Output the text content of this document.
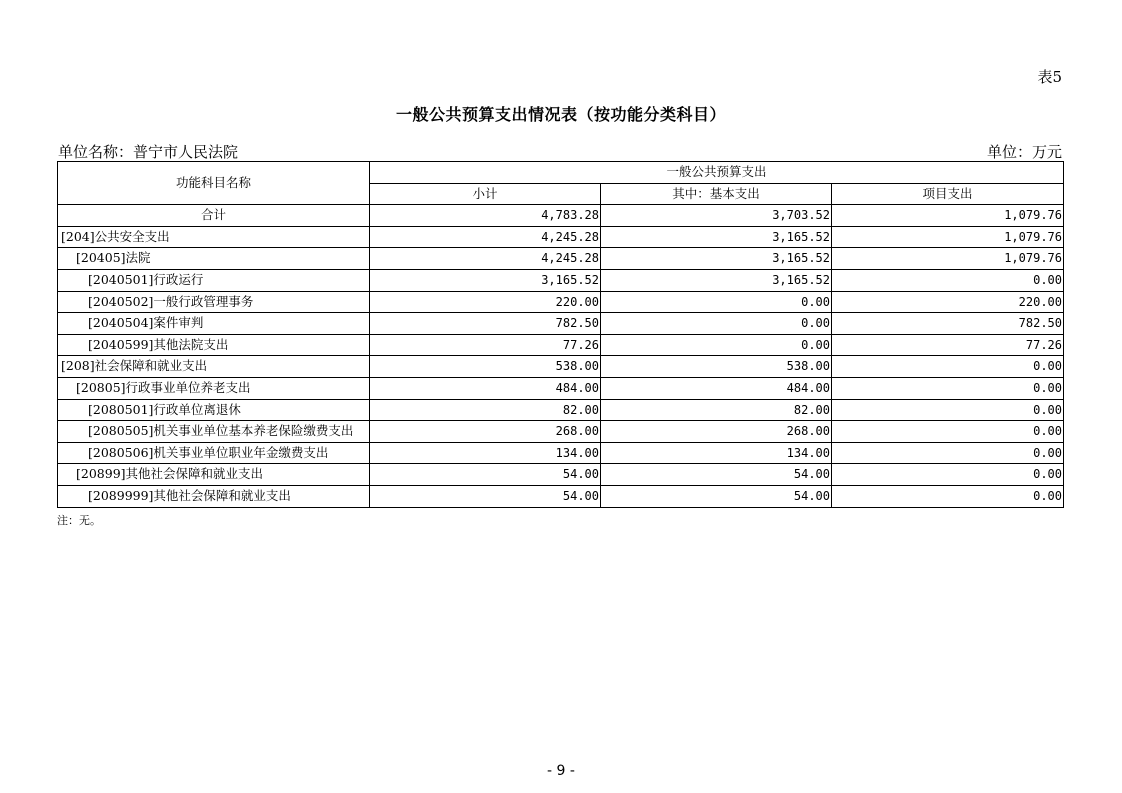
表5
一般公共预算支出情况表（按功能分类科目）
单位名称：普宁市人民法院	单位：万元
功能科目名称	一般公共预算支出		
	小计	其中：基本支出	项目支出
合计	4,783.28	3,703.52	1,079.76
[204]公共安全支出	4,245.28	3,165.52	1,079.76
[20405]法院	4,245.28	3,165.52	1,079.76
[2040501]行政运行	3,165.52	3,165.52	0.00
[2040502]一般行政管理事务	220.00	0.00	220.00
[2040504]案件审判	782.50	0.00	782.50
[2040599]其他法院支出	77.26	0.00	77.26
[208]社会保障和就业支出	538.00	538.00	0.00
[20805]行政事业单位养老支出	484.00	484.00	0.00
[2080501]行政单位离退休	82.00	82.00	0.00
[2080505]机关事业单位基本养老保险缴费支出	268.00	268.00	0.00
[2080506]机关事业单位职业年金缴费支出	134.00	134.00	0.00
[20899]其他社会保障和就业支出	54.00	54.00	0.00
[2089999]其他社会保障和就业支出	54.00	54.00	0.00
注：无。
- 9 -
